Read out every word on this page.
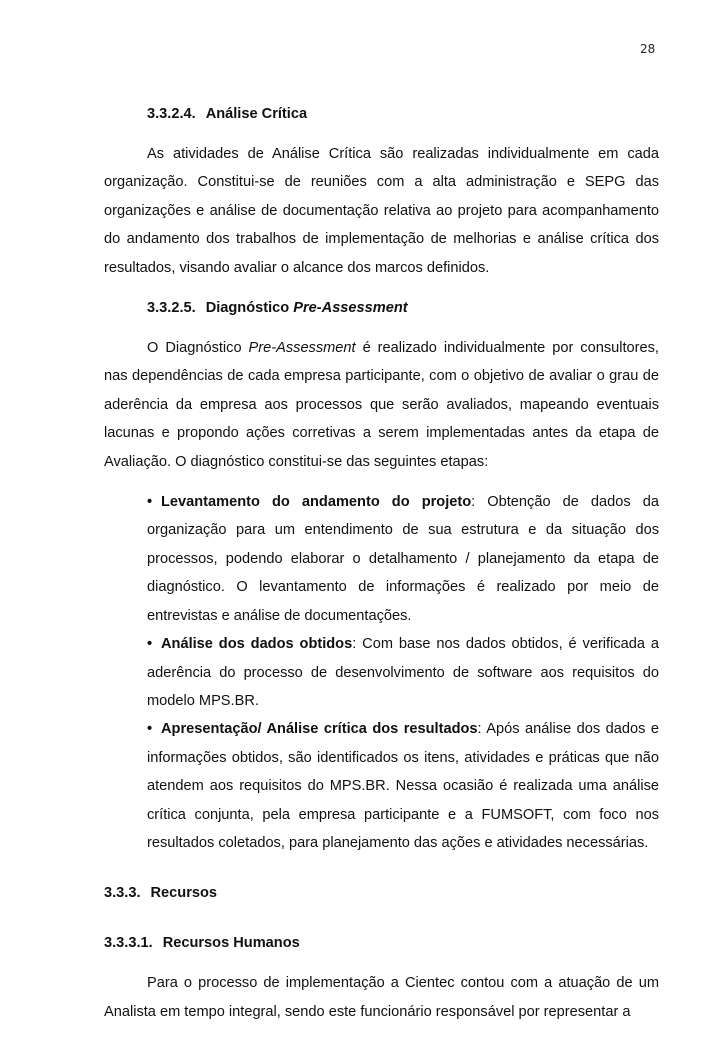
28
3.3.2.4. Análise Crítica

As atividades de Análise Crítica são realizadas individualmente em cada organização. Constitui-se de reuniões com a alta administração e SEPG das organizações e análise de documentação relativa ao projeto para acompanhamento do andamento dos trabalhos de implementação de melhorias e análise crítica dos resultados, visando avaliar o alcance dos marcos definidos.

3.3.2.5. Diagnóstico Pre-Assessment

O Diagnóstico Pre-Assessment é realizado individualmente por consultores, nas dependências de cada empresa participante, com o objetivo de avaliar o grau de aderência da empresa aos processos que serão avaliados, mapeando eventuais lacunas e propondo ações corretivas a serem implementadas antes da etapa de Avaliação. O diagnóstico constitui-se das seguintes etapas:

• Levantamento do andamento do projeto: Obtenção de dados da organização para um entendimento de sua estrutura e da situação dos processos, podendo elaborar o detalhamento / planejamento da etapa de diagnóstico. O levantamento de informações é realizado por meio de entrevistas e análise de documentações.
• Análise dos dados obtidos: Com base nos dados obtidos, é verificada a aderência do processo de desenvolvimento de software aos requisitos do modelo MPS.BR.
• Apresentação/ Análise crítica dos resultados: Após análise dos dados e informações obtidos, são identificados os itens, atividades e práticas que não atendem aos requisitos do MPS.BR. Nessa ocasião é realizada uma análise crítica conjunta, pela empresa participante e a FUMSOFT, com foco nos resultados coletados, para planejamento das ações e atividades necessárias.
3.3.3. Recursos
3.3.3.1. Recursos Humanos

Para o processo de implementação a Cientec contou com a atuação de um Analista em tempo integral, sendo este funcionário responsável por representar a
